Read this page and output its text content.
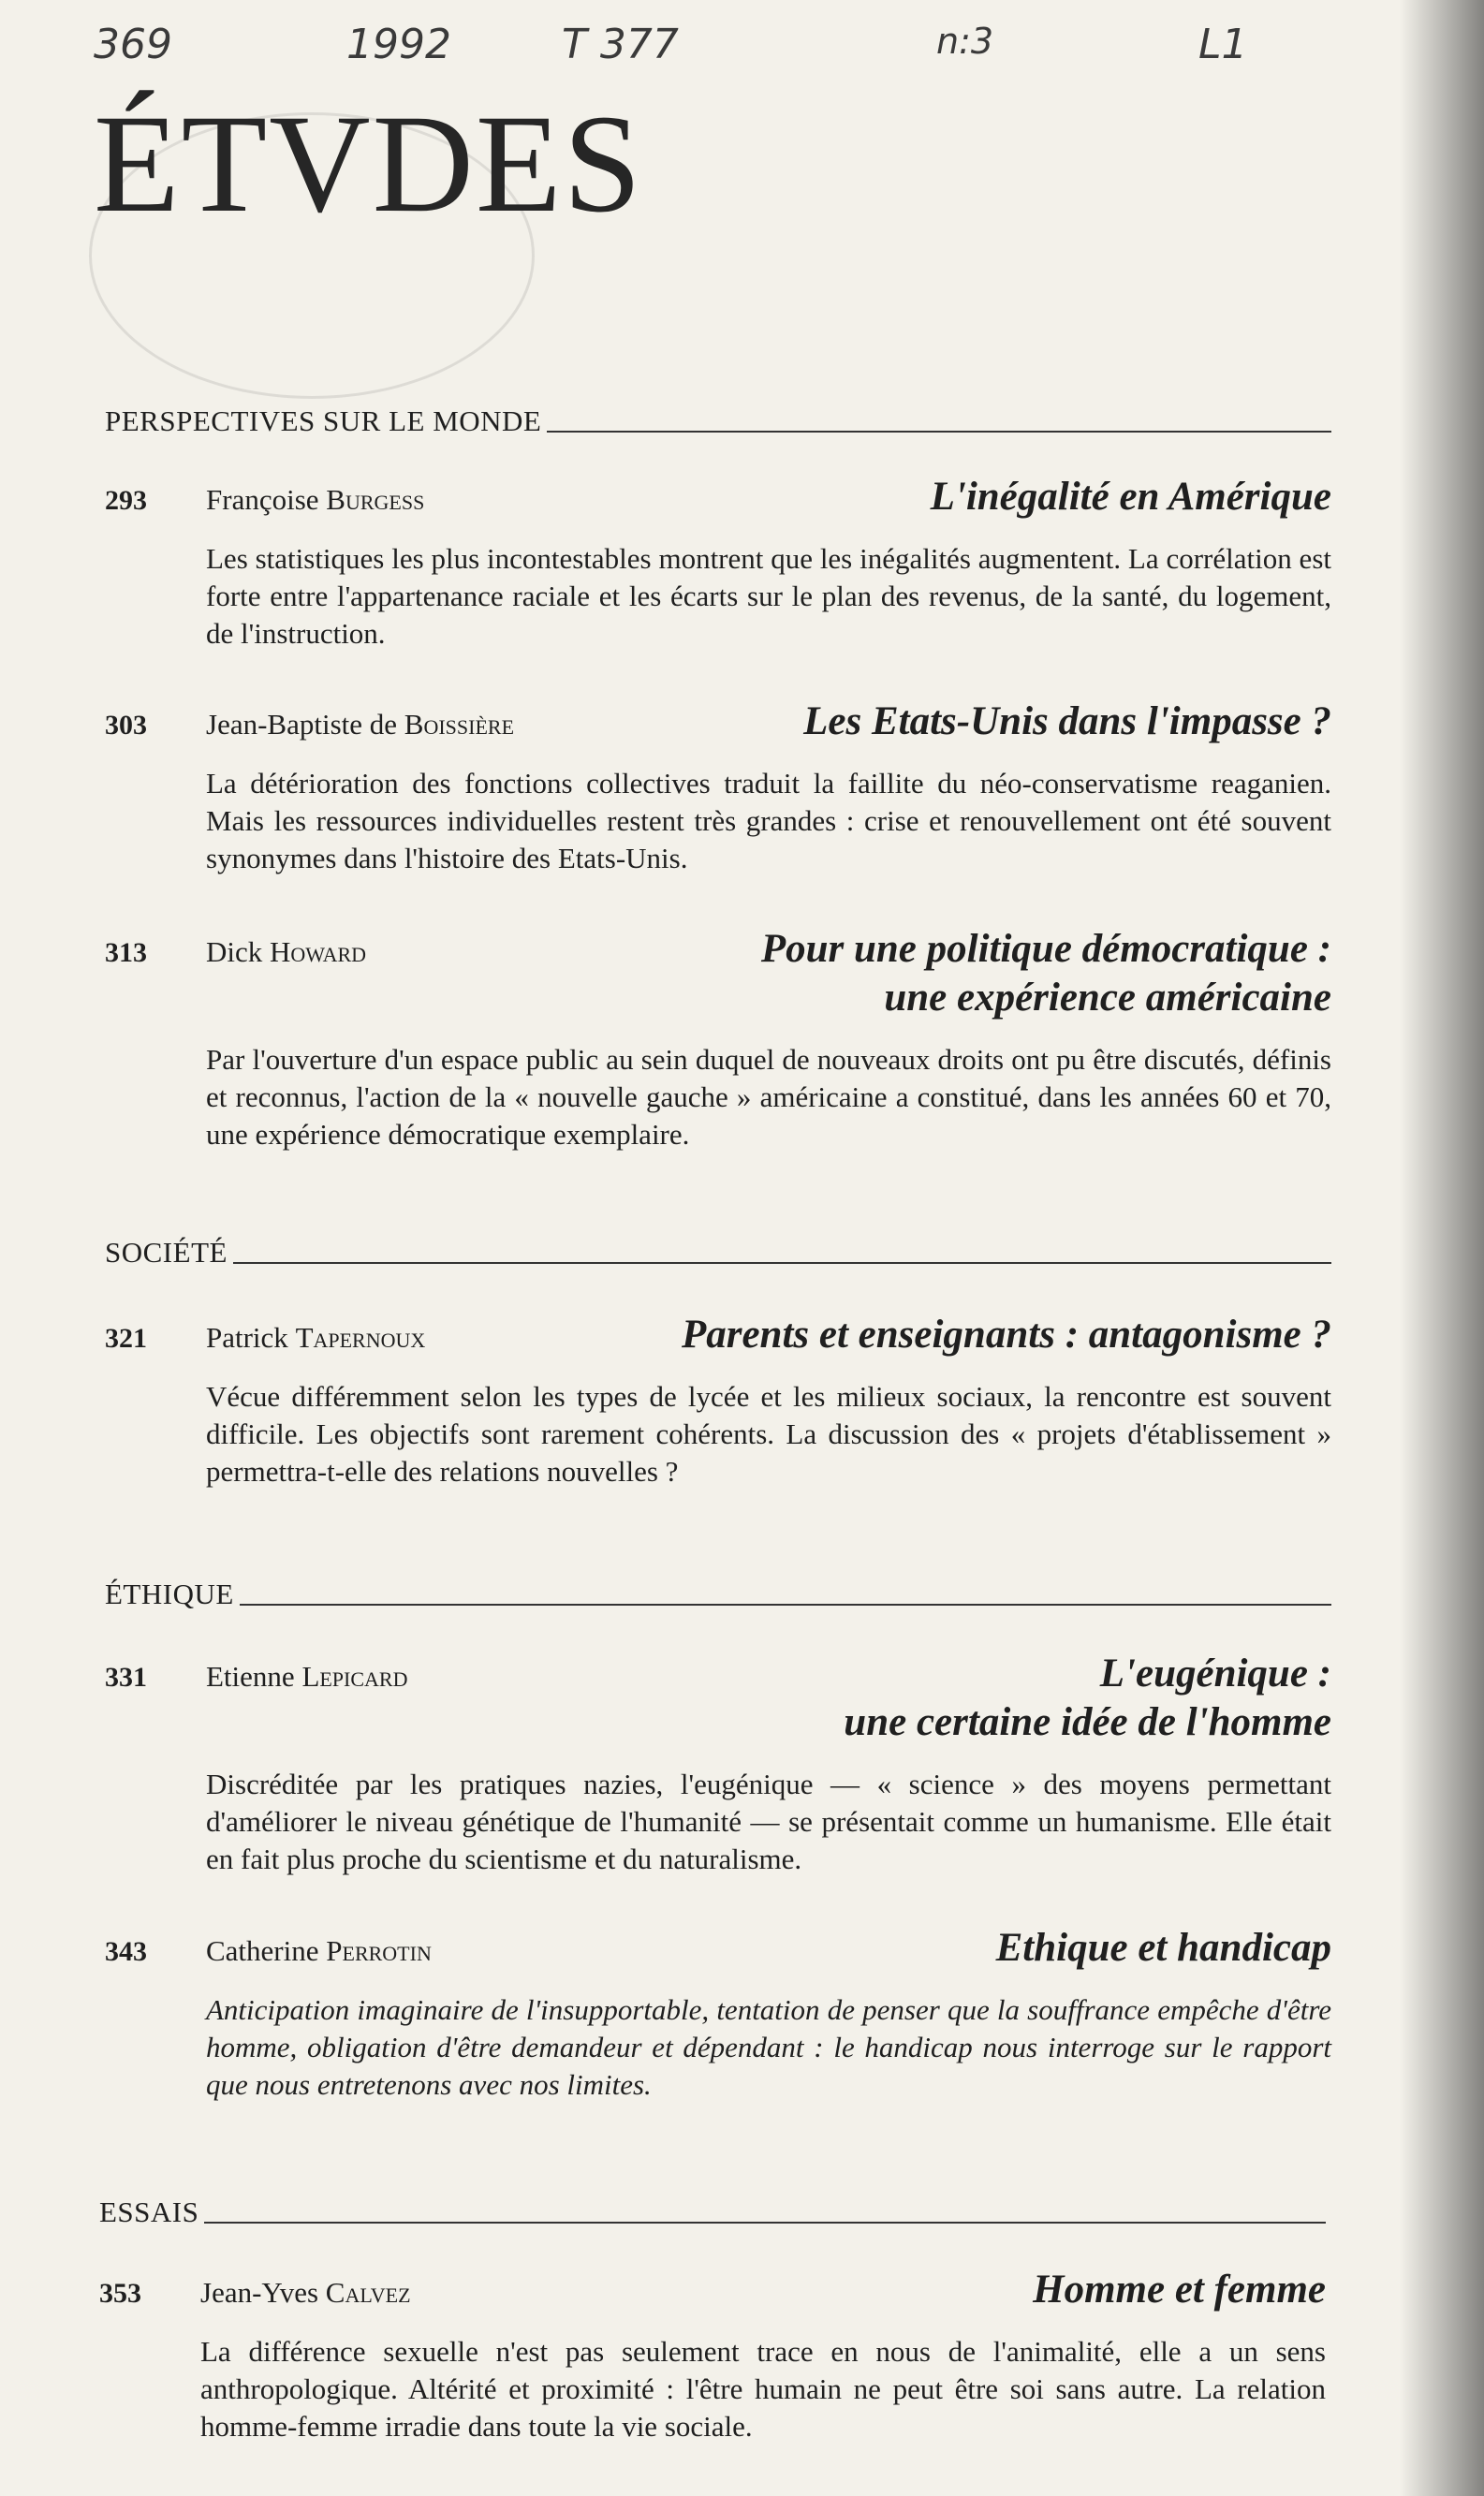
369	1992	T 377	n:3	L1
ÉTVDES
PERSPECTIVES SUR LE MONDE
293	Françoise Burgess	L'inégalité en Amérique
Les statistiques les plus incontestables montrent que les inégalités augmentent. La corrélation est forte entre l'appartenance raciale et les écarts sur le plan des revenus, de la santé, du logement, de l'instruction.
303	Jean-Baptiste de Boissière	Les Etats-Unis dans l'impasse ?
La détérioration des fonctions collectives traduit la faillite du néo-conservatisme reaganien. Mais les ressources individuelles restent très grandes : crise et renouvellement ont été souvent synonymes dans l'histoire des Etats-Unis.
313	Dick Howard	Pour une politique démocratique :
une expérience américaine
Par l'ouverture d'un espace public au sein duquel de nouveaux droits ont pu être discutés, définis et reconnus, l'action de la « nouvelle gauche » américaine a constitué, dans les années 60 et 70, une expérience démocratique exemplaire.
SOCIÉTÉ
321	Patrick Tapernoux	Parents et enseignants : antagonisme ?
Vécue différemment selon les types de lycée et les milieux sociaux, la rencontre est souvent difficile. Les objectifs sont rarement cohérents. La discussion des « projets d'établissement » permettra-t-elle des relations nouvelles ?
ÉTHIQUE
331	Etienne Lepicard	L'eugénique :
une certaine idée de l'homme
Discréditée par les pratiques nazies, l'eugénique — « science » des moyens permettant d'améliorer le niveau génétique de l'humanité — se présentait comme un humanisme. Elle était en fait plus proche du scientisme et du naturalisme.
343	Catherine Perrotin	Ethique et handicap
Anticipation imaginaire de l'insupportable, tentation de penser que la souffrance empêche d'être homme, obligation d'être demandeur et dépendant : le handicap nous interroge sur le rapport que nous entretenons avec nos limites.
ESSAIS
353	Jean-Yves Calvez	Homme et femme
La différence sexuelle n'est pas seulement trace en nous de l'animalité, elle a un sens anthropologique. Altérité et proximité : l'être humain ne peut être soi sans autre. La relation homme-femme irradie dans toute la vie sociale.
